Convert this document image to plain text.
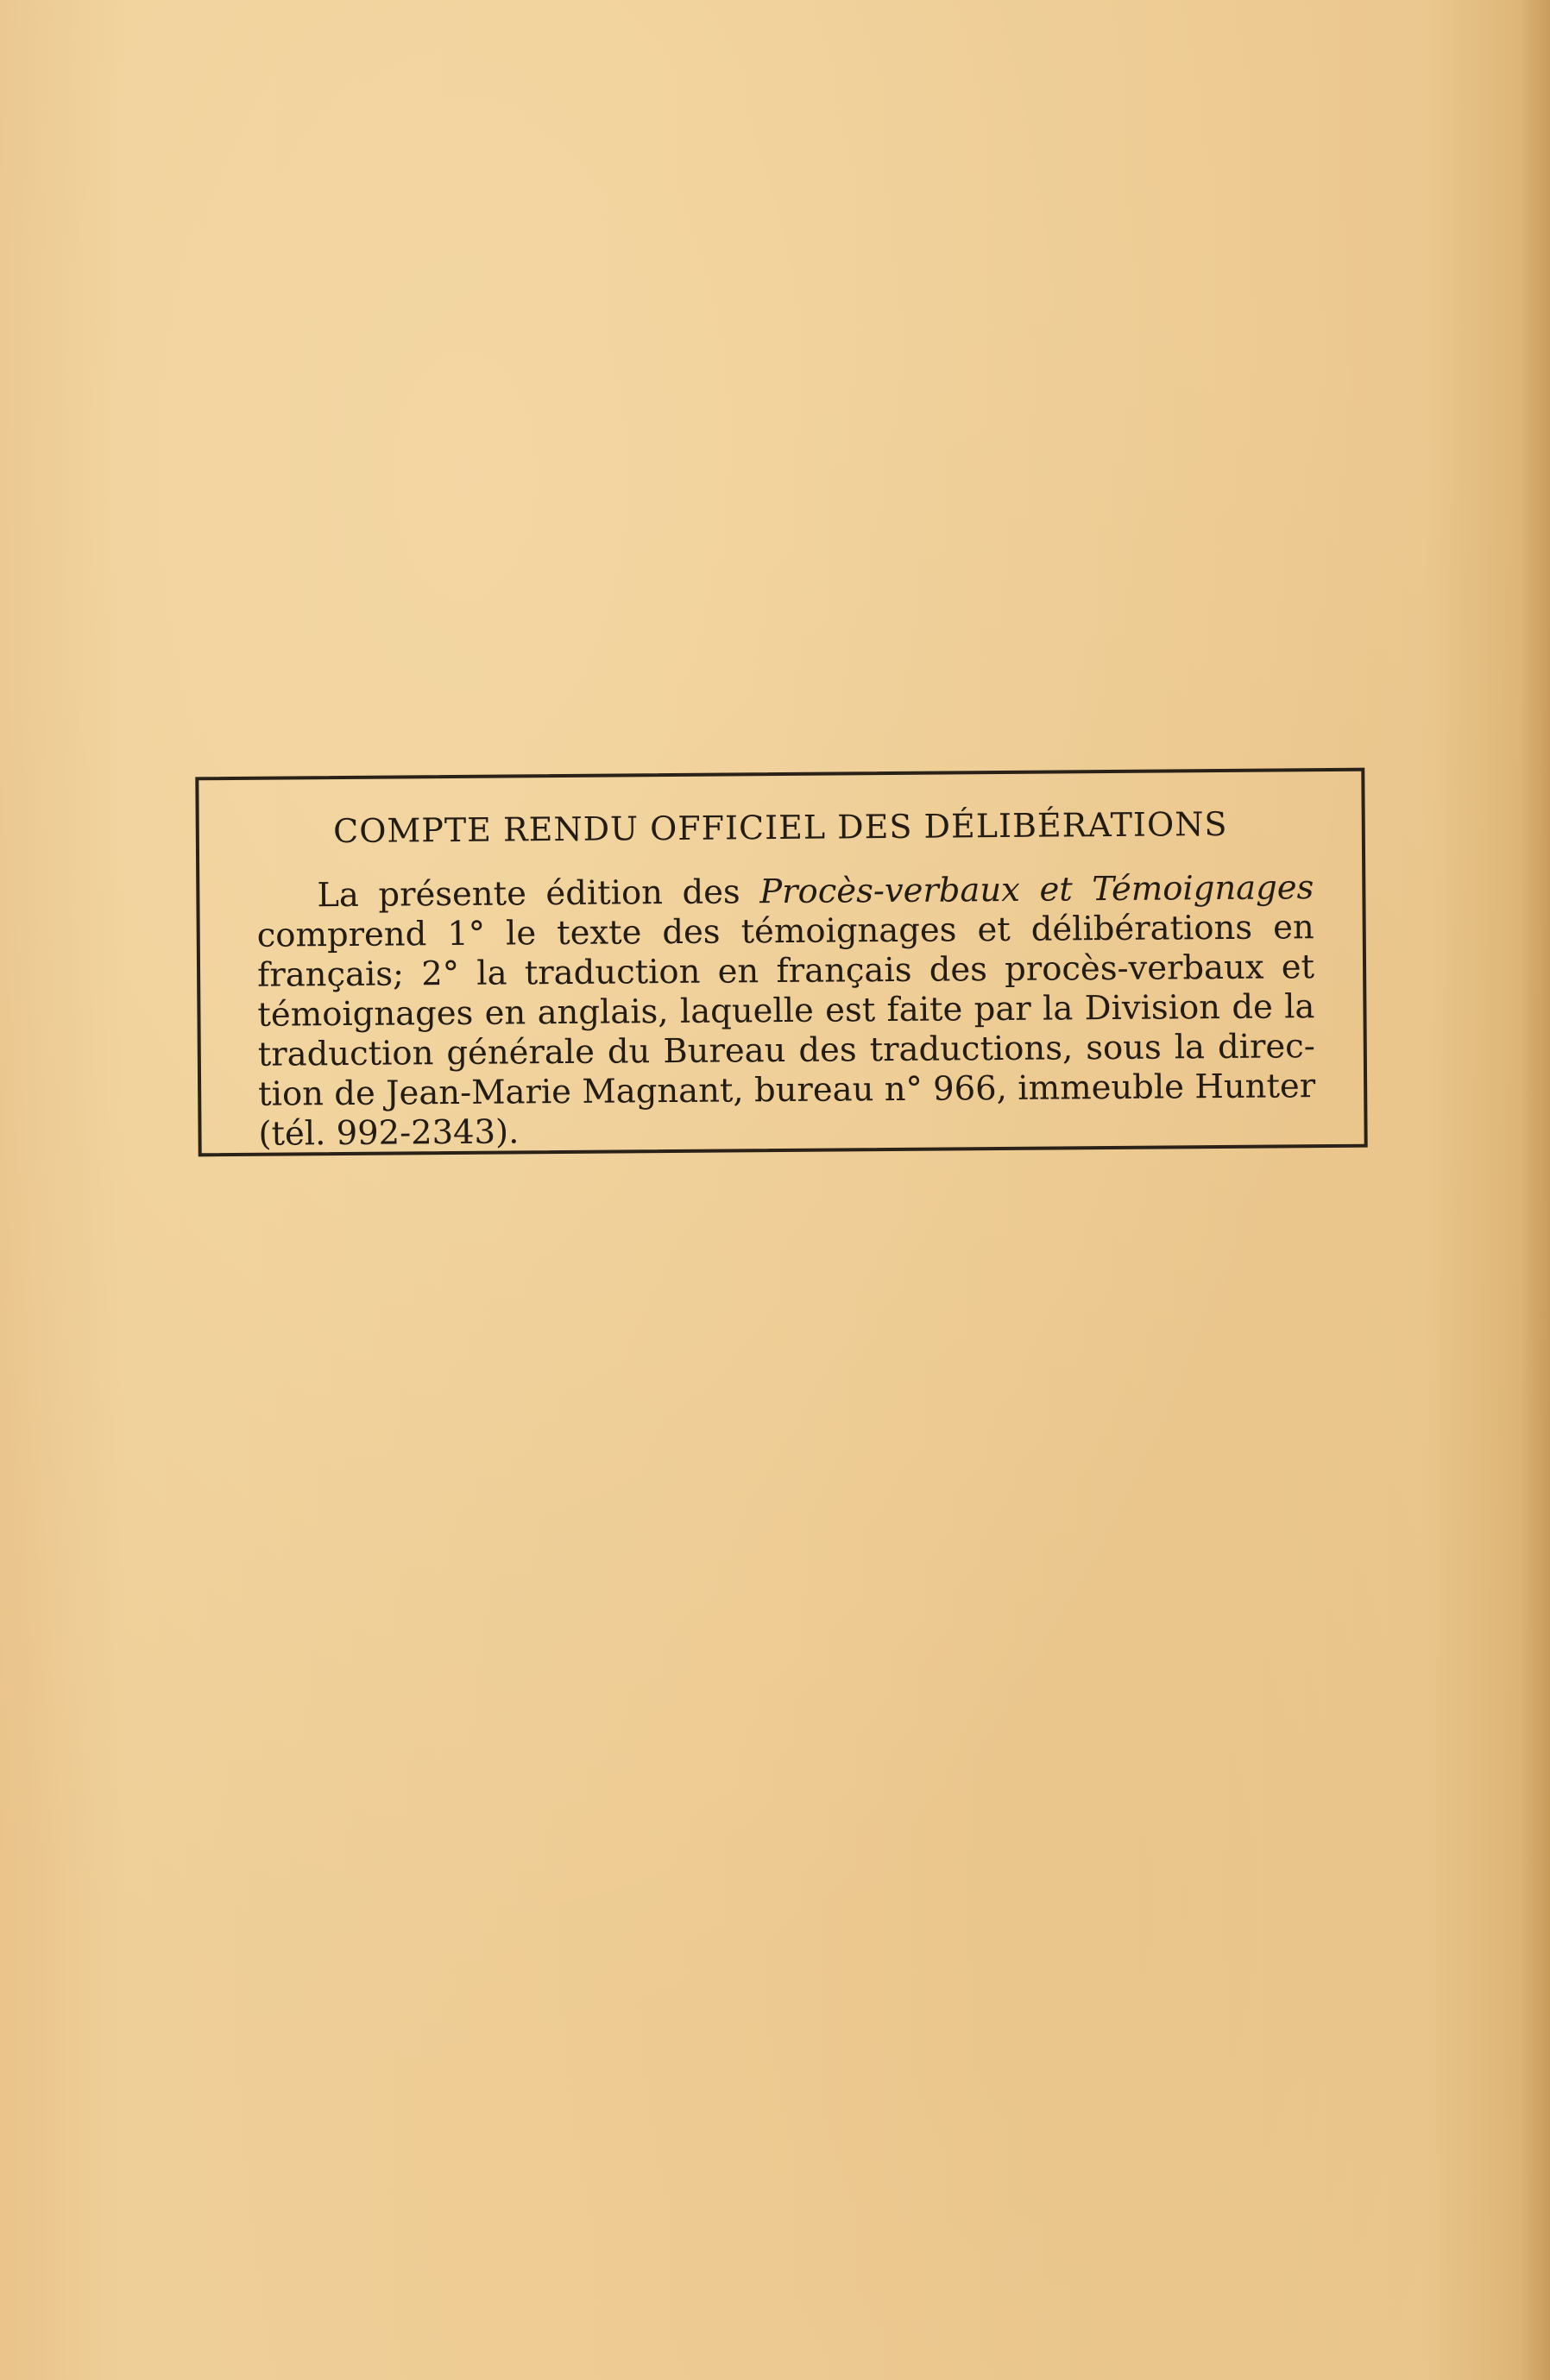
COMPTE RENDU OFFICIEL DES DÉLIBÉRATIONS
La présente édition des Procès-verbaux et Témoignages comprend 1° le texte des témoignages et délibérations en français; 2° la traduction en français des procès-verbaux et témoignages en anglais, laquelle est faite par la Division de la traduction générale du Bureau des traductions, sous la direction de Jean-Marie Magnant, bureau n° 966, immeuble Hunter (tél. 992-2343).
